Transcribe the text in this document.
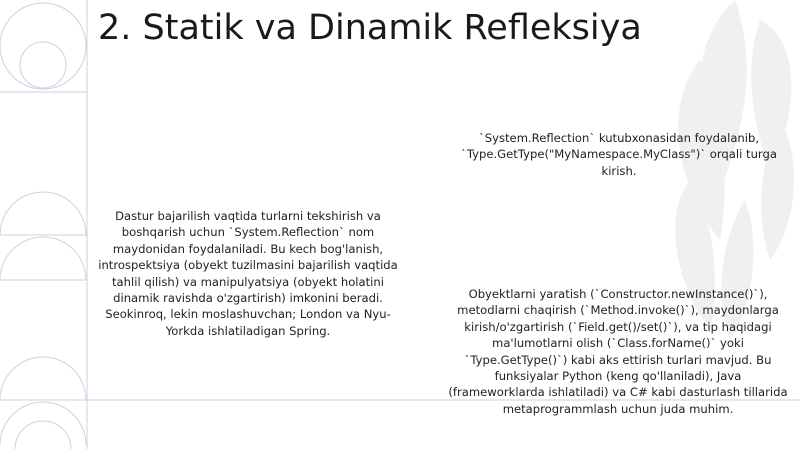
2. Statik va Dinamik Refleksiya

Dastur bajarilish vaqtida turlarni tekshirish va boshqarish uchun `System.Reflection` nom maydonidan foydalaniladi. Bu kech bog'lanish, introspektsiya (obyekt tuzilmasini bajarilish vaqtida tahlil qilish) va manipulyatsiya (obyekt holatini dinamik ravishda o'zgartirish) imkonini beradi. Seokinroq, lekin moslashuvchan; London va Nyu-Yorkda ishlatiladigan Spring.

`System.Reflection` kutubxonasidan foydalanib, `Type.GetType("MyNamespace.MyClass")` orqali turga kirish.

Obyektlarni yaratish (`Constructor.newInstance()`), metodlarni chaqirish (`Method.invoke()`), maydonlarga kirish/o'zgartirish (`Field.get()/set()`), va tip haqidagi ma'lumotlarni olish (`Class.forName()` yoki `Type.GetType()`) kabi aks ettirish turlari mavjud. Bu funksiyalar Python (keng qo'llaniladi), Java (frameworklarda ishlatiladi) va C# kabi dasturlash tillarida metaprogrammlash uchun juda muhim.
